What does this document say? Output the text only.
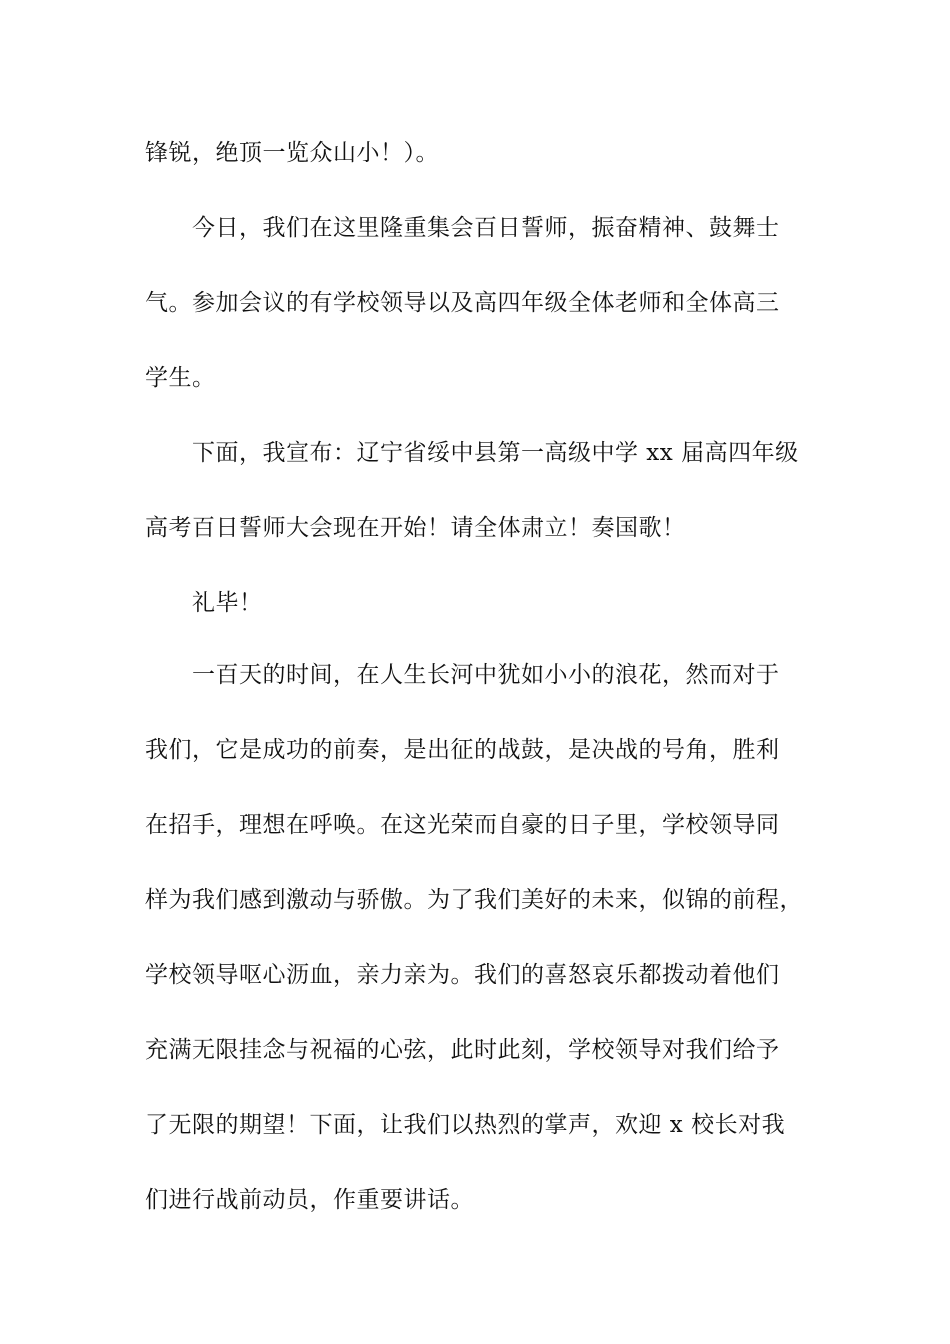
锋锐，绝顶一览众山小！）。
今日，我们在这里隆重集会百日誓师，振奋精神、鼓舞士
气。参加会议的有学校领导以及高四年级全体老师和全体高三
学生。
下面，我宣布：辽宁省绥中县第一高级中学 xx 届高四年级
高考百日誓师大会现在开始！请全体肃立！奏国歌！
礼毕！
一百天的时间，在人生长河中犹如小小的浪花，然而对于
我们，它是成功的前奏，是出征的战鼓，是决战的号角，胜利
在招手，理想在呼唤。在这光荣而自豪的日子里，学校领导同
样为我们感到激动与骄傲。为了我们美好的未来，似锦的前程，
学校领导呕心沥血，亲力亲为。我们的喜怒哀乐都拨动着他们
充满无限挂念与祝福的心弦，此时此刻，学校领导对我们给予
了无限的期望！下面，让我们以热烈的掌声，欢迎 x 校长对我
们进行战前动员，作重要讲话。
